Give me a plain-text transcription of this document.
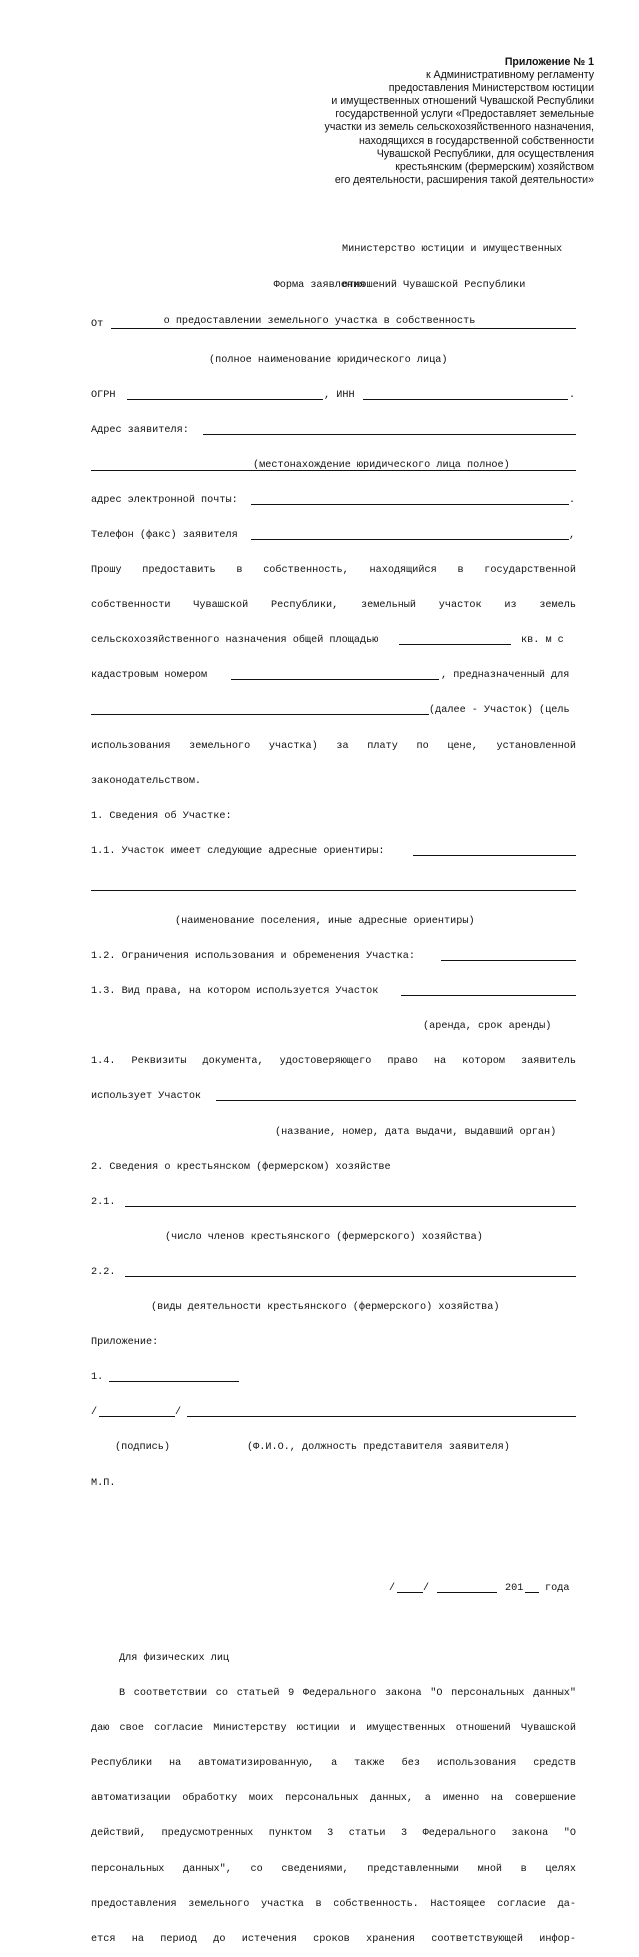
Приложение № 1
к Административному регламенту
предоставления Министерством юстиции
и имущественных отношений Чувашской Республики
государственной услуги «Предоставляет земельные
участки из земель сельскохозяйственного назначения,
находящихся в государственной собственности
Чувашской Республики, для осуществления
крестьянским (фермерским) хозяйством
его деятельности, расширения такой деятельности»

Министерство юстиции и имущественных

отношений Чувашской Республики

Форма заявления

о предоставлении земельного участка в собственность

От

(полное наименование юридического лица)

ОГРН	, ИНН	.

Адрес заявителя:

(местонахождение юридического лица полное)

адрес электронной почты:	.

Телефон (факс) заявителя	,

Прошу предоставить в собственность, находящийся в государственной

собственности Чувашской Республики, земельный участок из земель

сельскохозяйственного назначения общей площадью	кв. м с

кадастровым номером	, предназначенный для

(далее - Участок) (цель

использования земельного участка) за плату по цене, установленной

законодательством.

1. Сведения об Участке:

1.1. Участок имеет следующие адресные ориентиры:

(наименование поселения, иные адресные ориентиры)

1.2. Ограничения использования и обременения Участка:

1.3. Вид права, на котором используется Участок

(аренда, срок аренды)

1.4. Реквизиты документа, удостоверяющего право на котором заявитель

использует Участок

(название, номер, дата выдачи, выдавший орган)

2. Сведения о крестьянском (фермерском) хозяйстве

2.1.

(число членов крестьянского (фермерского) хозяйства)

2.2.

(виды деятельности крестьянского (фермерского) хозяйства)

Приложение:

1.

/	/

(подпись)	(Ф.И.О., должность представителя заявителя)

М.П.

/	/	201 года

Для физических лиц

В соответствии со статьей 9 Федерального закона "О персональных данных"

даю свое согласие Министерству юстиции и имущественных отношений Чувашской

Республики на автоматизированную, а также без использования средств

автоматизации обработку моих персональных данных, а именно на совершение

действий, предусмотренных пунктом 3 статьи 3 Федерального закона "О

персональных данных", со сведениями, представленными мной в целях

предоставления земельного участка в собственность. Настоящее согласие да-

ется на период до истечения сроков хранения соответствующей инфор-
